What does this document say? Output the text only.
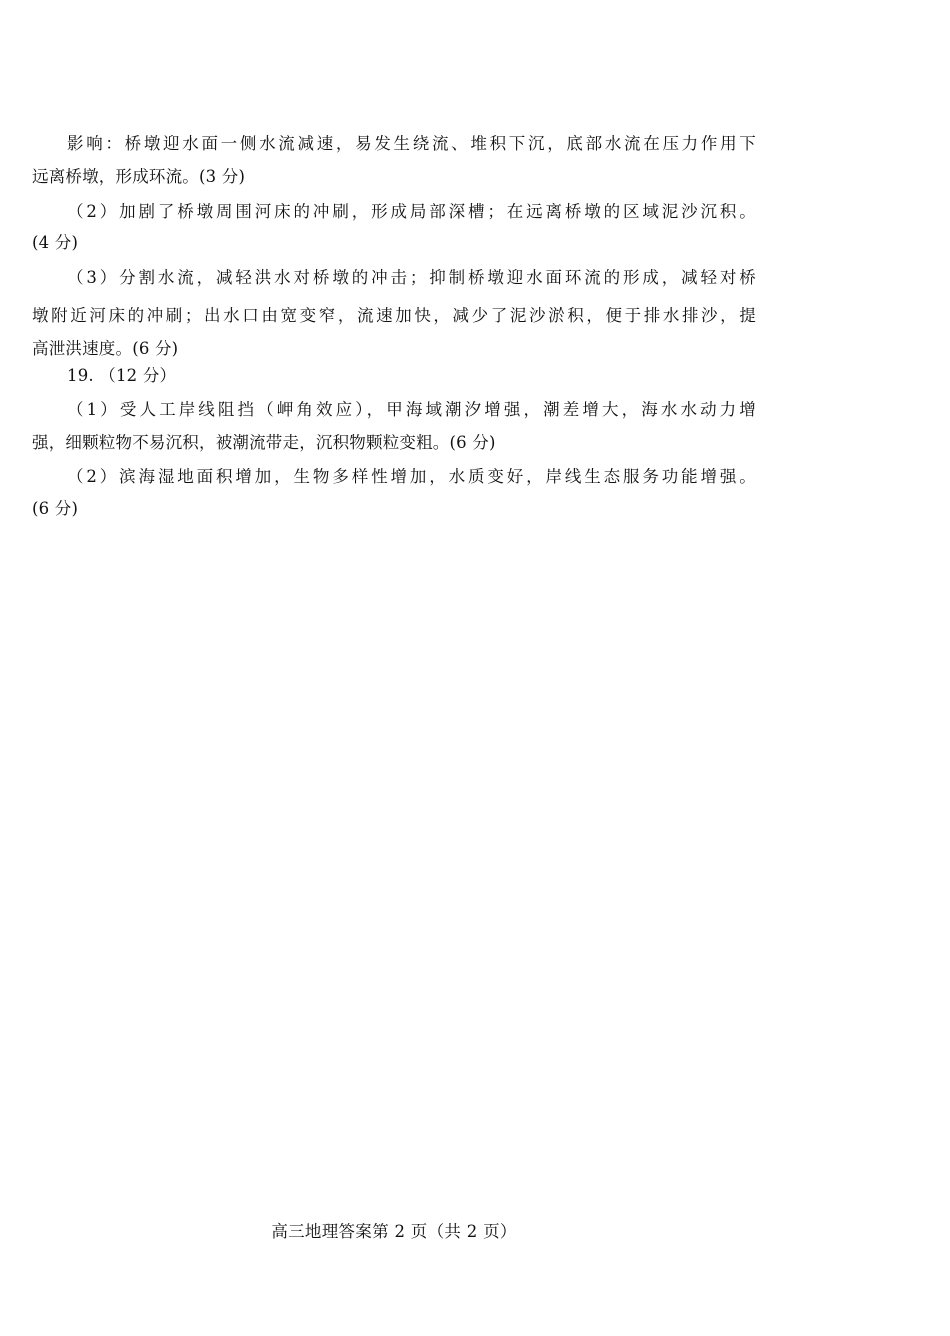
影响：桥墩迎水面一侧水流减速，易发生绕流、堆积下沉，底部水流在压力作用下
远离桥墩，形成环流。(3 分)
（2）加剧了桥墩周围河床的冲刷，形成局部深槽；在远离桥墩的区域泥沙沉积。
(4 分)
（3）分割水流，减轻洪水对桥墩的冲击；抑制桥墩迎水面环流的形成，减轻对桥
墩附近河床的冲刷；出水口由宽变窄，流速加快，减少了泥沙淤积，便于排水排沙，提
高泄洪速度。(6 分)
19. （12 分）
（1）受人工岸线阻挡（岬角效应），甲海域潮汐增强，潮差增大，海水水动力增
强，细颗粒物不易沉积，被潮流带走，沉积物颗粒变粗。(6 分)
（2）滨海湿地面积增加，生物多样性增加，水质变好，岸线生态服务功能增强。
(6 分)
高三地理答案第 2 页（共 2 页）
